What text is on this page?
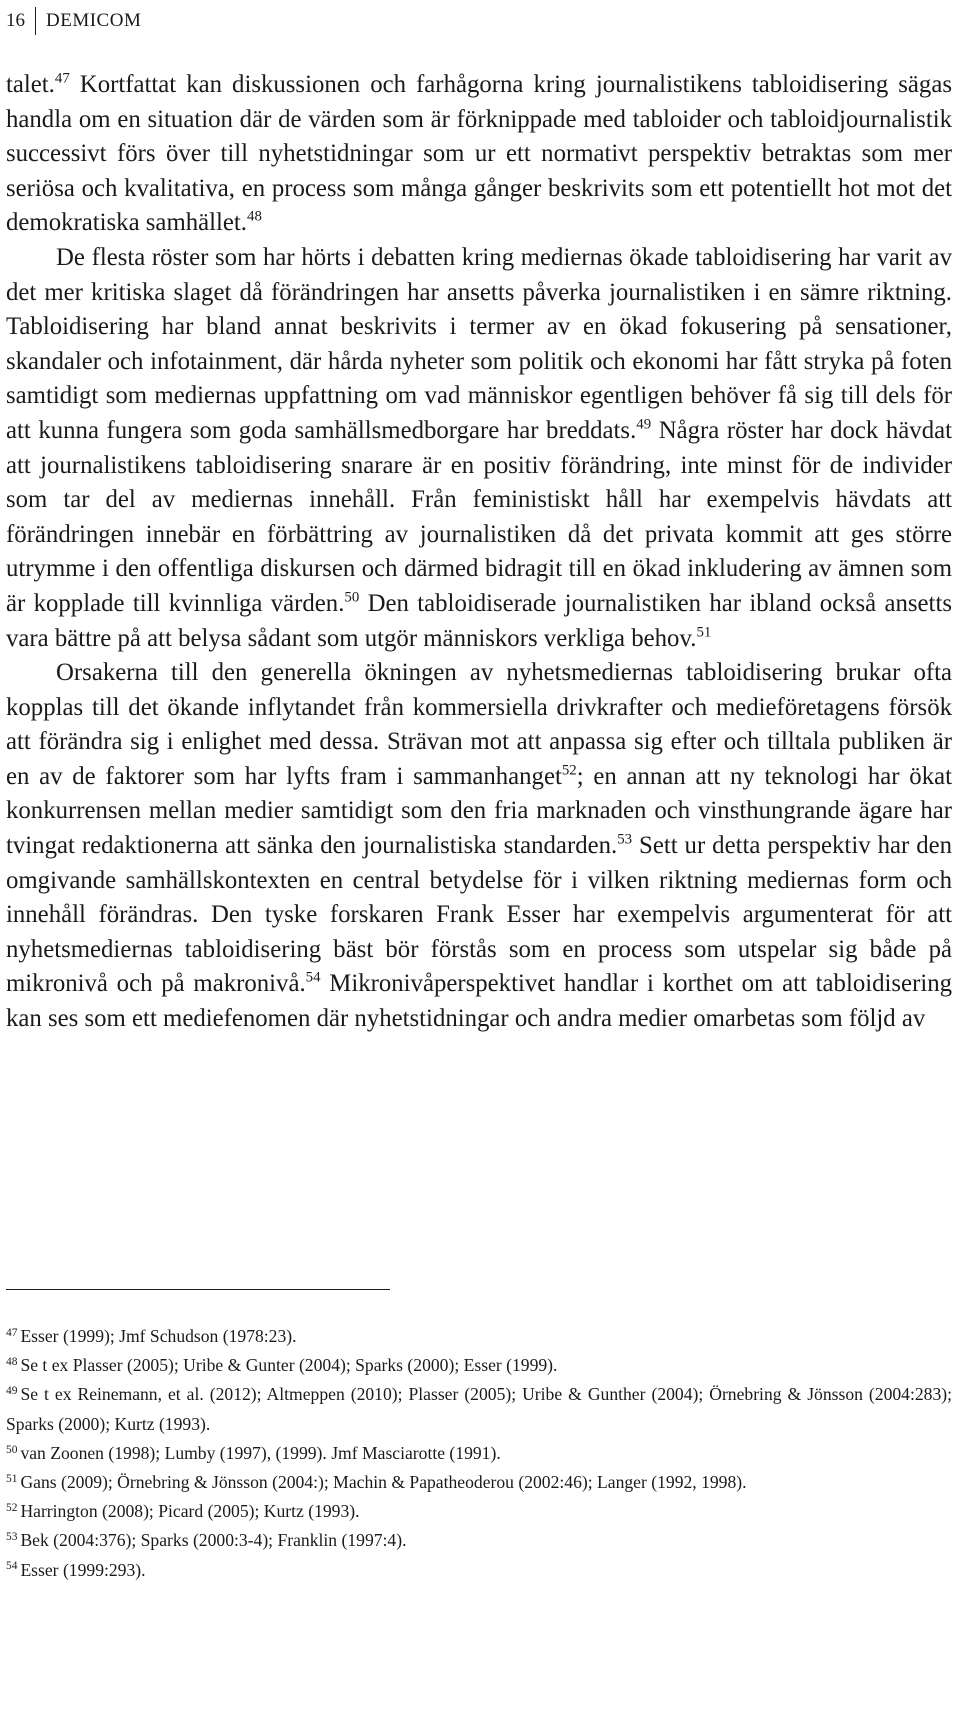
16	DEMICOM

talet.$^{47}$ Kortfattat kan diskussionen och farhågorna kring journalistikens tabloidisering sägas handla om en situation där de värden som är förknippade med tabloider och tabloidjournalistik successivt förs över till nyhetstidningar som ur ett normativt perspektiv betraktas som mer seriösa och kvalitativa, en process som många gånger beskrivits som ett potentiellt hot mot det demokratiska samhället.$^{48}$

De flesta röster som har hörts i debatten kring mediernas ökade tabloidisering har varit av det mer kritiska slaget då förändringen har ansetts påverka journalistiken i en sämre riktning. Tabloidisering har bland annat beskrivits i termer av en ökad fokusering på sensationer, skandaler och infotainment, där hårda nyheter som politik och ekonomi har fått stryka på foten samtidigt som mediernas uppfattning om vad människor egentligen behöver få sig till dels för att kunna fungera som goda samhällsmedborgare har breddats.$^{49}$ Några röster har dock hävdat att journalistikens tabloidisering snarare är en positiv förändring, inte minst för de individer som tar del av mediernas innehåll. Från feministiskt håll har exempelvis hävdats att förändringen innebär en förbättring av journalistiken då det privata kommit att ges större utrymme i den offentliga diskursen och därmed bidragit till en ökad inkludering av ämnen som är kopplade till kvinnliga värden.$^{50}$ Den tabloidiserade journalistiken har ibland också ansetts vara bättre på att belysa sådant som utgör människors verkliga behov.$^{51}$

Orsakerna till den generella ökningen av nyhetsmediernas tabloidisering brukar ofta kopplas till det ökande inflytandet från kommersiella drivkrafter och medieföretagens försök att förändra sig i enlighet med dessa. Strävan mot att anpassa sig efter och tilltala publiken är en av de faktorer som har lyfts fram i sammanhanget$^{52}$; en annan att ny teknologi har ökat konkurrensen mellan medier samtidigt som den fria marknaden och vinsthungrande ägare har tvingat redaktionerna att sänka den journalistiska standarden.$^{53}$ Sett ur detta perspektiv har den omgivande samhällskontexten en central betydelse för i vilken riktning mediernas form och innehåll förändras. Den tyske forskaren Frank Esser har exempelvis argumenterat för att nyhetsmediernas tabloidisering bäst bör förstås som en process som utspelar sig både på mikronivå och på makronivå.$^{54}$ Mikronivåperspektivet handlar i korthet om att tabloidisering kan ses som ett mediefenomen där nyhetstidningar och andra medier omarbetas som följd av

$^{47}$ Esser (1999); Jmf Schudson (1978:23).

$^{48}$ Se t ex Plasser (2005); Uribe & Gunter (2004); Sparks (2000); Esser (1999).

$^{49}$ Se t ex Reinemann, et al. (2012); Altmeppen (2010); Plasser (2005); Uribe & Gunther (2004); Örnebring & Jönsson (2004:283); Sparks (2000); Kurtz (1993).

$^{50}$ van Zoonen (1998); Lumby (1997), (1999). Jmf Masciarotte (1991).

$^{51}$ Gans (2009); Örnebring & Jönsson (2004:); Machin & Papatheoderou (2002:46); Langer (1992, 1998).

$^{52}$ Harrington (2008); Picard (2005); Kurtz (1993).

$^{53}$ Bek (2004:376); Sparks (2000:3-4); Franklin (1997:4).

$^{54}$ Esser (1999:293).
